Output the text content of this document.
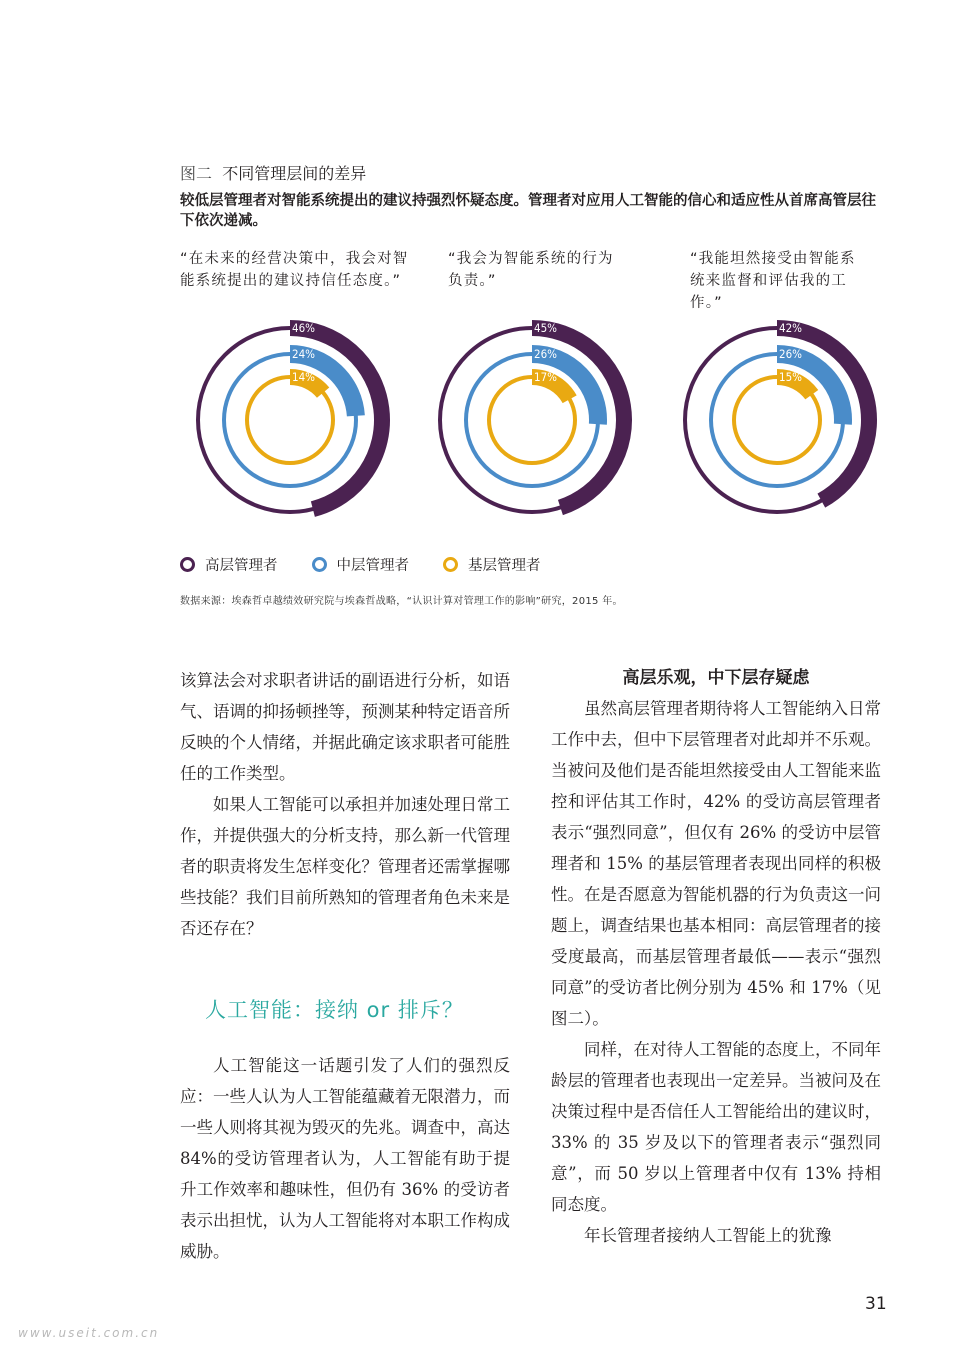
图二 不同管理层间的差异
较低层管理者对智能系统提出的建议持强烈怀疑态度。管理者对应用人工智能的信心和适应性从首席高管层往下依次递减。
“在未来的经营决策中，我会对智能系统提出的建议持信任态度。”
“我会为智能系统的行为负责。”
“我能坦然接受由智能系统来监督和评估我的工作。”
46%
24%
14%
45%
26%
17%
42%
26%
15%
高层管理者	中层管理者	基层管理者
数据来源：埃森哲卓越绩效研究院与埃森哲战略，“认识计算对管理工作的影响”研究，2015 年。

该算法会对求职者讲话的副语进行分析，如语气、语调的抑扬顿挫等，预测某种特定语音所反映的个人情绪，并据此确定该求职者可能胜任的工作类型。

如果人工智能可以承担并加速处理日常工作，并提供强大的分析支持，那么新一代管理者的职责将发生怎样变化？管理者还需掌握哪些技能？我们目前所熟知的管理者角色未来是否还存在？

人工智能：接纳 or 排斥？

人工智能这一话题引发了人们的强烈反应：一些人认为人工智能蕴藏着无限潜力，而一些人则将其视为毁灭的先兆。调查中，高达84%的受访管理者认为，人工智能有助于提升工作效率和趣味性，但仍有 36% 的受访者表示出担忧，认为人工智能将对本职工作构成威胁。

高层乐观，中下层存疑虑

虽然高层管理者期待将人工智能纳入日常工作中去，但中下层管理者对此却并不乐观。当被问及他们是否能坦然接受由人工智能来监控和评估其工作时，42% 的受访高层管理者表示“强烈同意”，但仅有 26% 的受访中层管理者和 15% 的基层管理者表现出同样的积极性。在是否愿意为智能机器的行为负责这一问题上，调查结果也基本相同：高层管理者的接受度最高，而基层管理者最低——表示“强烈同意”的受访者比例分别为 45% 和 17%（见图二）。

同样，在对待人工智能的态度上，不同年龄层的管理者也表现出一定差异。当被问及在决策过程中是否信任人工智能给出的建议时，33% 的 35 岁及以下的管理者表示“强烈同意”，而 50 岁以上管理者中仅有 13% 持相同态度。

年长管理者接纳人工智能上的犹豫

31
www.useit.com.cn
